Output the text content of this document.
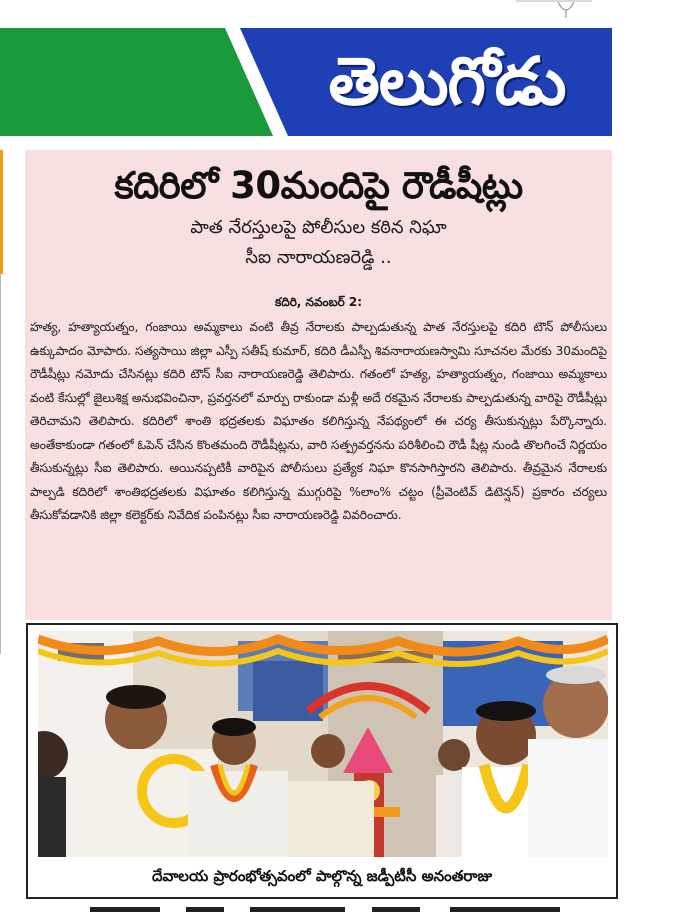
తెలుగోడు
కదిరిలో 30మందిపై రౌడీషీట్లు
పాత నేరస్తులపై పోలీసుల కఠిన నిఘా
సీఐ నారాయణరెడ్డి ..
కదిరి, నవంబర్ 2:

హత్య, హత్యాయత్నం, గంజాయి అమ్మకాలు వంటి తీవ్ర నేరాలకు పాల్పడుతున్న పాత నేరస్తులపై కదిరి టౌన్ పోలీసులు ఉక్కుపాదం మోపారు. సత్యసాయి జిల్లా ఎస్పీ సతీష్ కుమార్, కదిరి డీఎస్పీ శివనారాయణస్వామి సూచనల మేరకు 30మందిపై రౌడీషీట్లు నమోదు చేసినట్లు కదిరి టౌన్ సీఐ నారాయణరెడ్డి తెలిపారు. గతంలో హత్య, హత్యాయత్నం, గంజాయి అమ్మకాలు వంటి కేసుల్లో జైలుశిక్ష అనుభవించినా, ప్రవర్తనలో మార్పు రాకుండా మళ్లీ అదే రకమైన నేరాలకు పాల్పడుతున్న వారిపై రౌడీషీట్లు తెరిచామని తెలిపారు. కదిరిలో శాంతి భద్రతలకు విఘాతం కలిగిస్తున్న నేపథ్యంలో ఈ చర్య తీసుకున్నట్లు పేర్కొన్నారు. అంతేకాకుండా గతంలో ఓపెన్ చేసిన కొంతమంది రౌడీషీట్లను, వారి సత్ప్రవర్తనను పరిశీలించి రౌడీ షీట్ల నుండి తొలగించే నిర్ణయం తీసుకున్నట్లు సీఐ తెలిపారు. అయినప్పటికీ వారిపైన పోలీసులు ప్రత్యేక నిఘా కొనసాగిస్తారని తెలిపారు. తీవ్రమైన నేరాలకు పాల్పడి కదిరిలో శాంతిభద్రతలకు విఘాతం కలిగిస్తున్న ముగ్గురిపై %లాం% చట్టం (ప్రీవెంటివ్ డిటెన్షన్) ప్రకారం చర్యలు తీసుకోవడానికి జిల్లా కలెక్టర్‌కు నివేదిక పంపినట్లు సీఐ నారాయణరెడ్డి వివరించారు.

దేవాలయ ప్రారంభోత్సవంలో పాల్గొన్న జడ్పీటీసీ అనంతరాజు
